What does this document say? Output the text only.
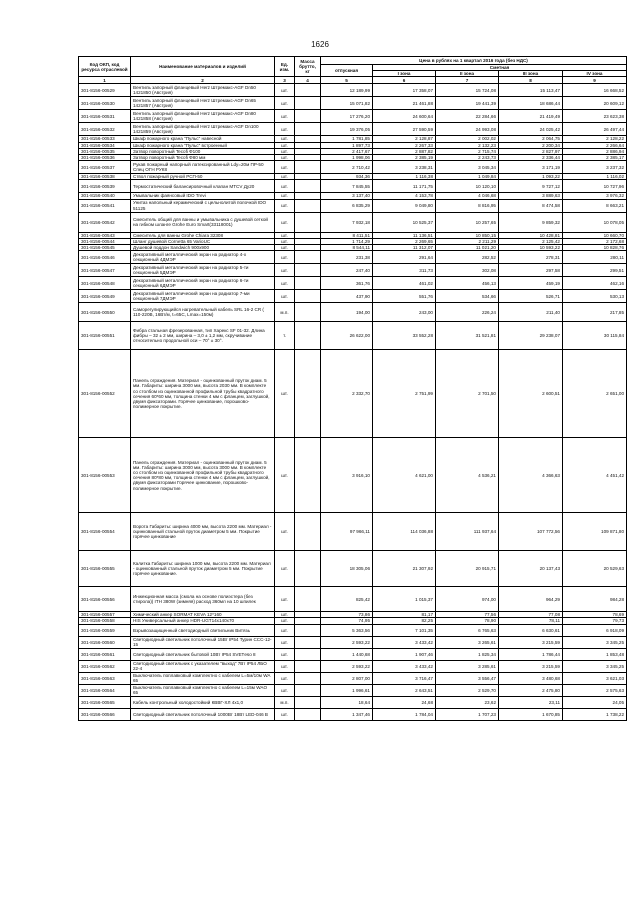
1626
Код ОКП, код ресурса отраслевой	Наименование материалов и изделий	Ед. изм.	Масса брутто, кг	Цена в рублях на 1 квартал 2016 года (без НДС)				
				отпускная	Сметная			
					I зона	II зона	III зона	IV зона
1	2	3	4	5	6	7	8	9
301-8156-00529	Вентиль запорный фланцевый Herz Штремакс-AGF Dn50 1421850 (Австрия)	шт.		12 189,99	17 358,07	15 724,08	15 113,47	16 668,52
301-8156-00530	Вентиль запорный фланцевый Herz Штремакс-AGF Dn65 1421857 (Австрия)	шт.		15 071,82	21 461,88	19 441,39	18 686,44	20 609,12
301-8156-00531	Вентиль запорный фланцевый Herz Штремакс-AGF Dn80 1421858 (Австрия)	шт.		17 276,20	24 600,64	22 284,66	21 419,49	23 623,38
301-8156-00532	Вентиль запорный фланцевый Herz Штремакс-AGF Dn100 1421859 (Австрия)	шт.		19 376,05	27 590,59	24 993,08	24 025,42	26 497,44
301-8156-00533	Шкаф пожарного крана "Пульс" навесной	шт.		1 781,85	2 128,87	2 002,02	2 064,75	2 128,22
301-8156-00534	Шкаф пожарного крана "Пульс" встроенный	шт.		1 897,73	2 267,33	2 132,23	2 200,34	2 266,64
301-8156-00535	Затвор поворотный Tecofi Ф100	шт.		2 417,67	2 887,82	2 715,74	2 827,97	2 886,94
301-8156-00536	Затвор поворотный Tecofi Ф80 мм	шт.		1 998,06	2 385,19	2 243,73	2 336,44	2 385,17
301-8156-00537	Рукав пожарный напорный латексированный Ldy=20м ПР-50 Спец ОГН РУК8	шт.		2 710,42	3 238,31	3 045,34	3 171,19	3 237,32
301-8156-00538	Ствол пожарный ручной РСП-50	шт.		934,36	1 116,38	1 049,84	1 093,22	1 116,02
301-8156-00539	Термостатический балансировочный клапан MTCV Ду20	шт.		7 845,55	11 171,75	10 120,10	9 727,12	10 727,96
301-8156-00540	Умывальник фаянсовый IDO Trevi	шт.		3 137,40	4 153,78	4 046,68	3 889,63	3 976,32
301-8156-00541	Унитаз напольный керамический с цельнолитой полочкой IDO 51125	шт.		6 835,29	9 049,80	8 816,95	8 474,58	8 663,21
301-8156-00542	Смеситель общий для ванны и умывальника с душевой сеткой на гибком шланге Grohe Euro Smart(33118001)	шт.		7 932,18	10 525,37	10 257,65	9 859,32	10 078,05
301-8156-00543	Смеситель для ванны Grohe Chiara 32308	шт.		8 411,51	11 136,51	10 850,15	10 428,81	10 660,70
301-8156-00544	Шланг душевой Cornetta 65 VarioUC	шт.		1 714,29	2 269,65	2 211,29	2 125,42	2 172,68
301-8156-00545	Душевой поддон Sandwich 900x900	шт.		8 544,11	11 312,07	11 021,20	10 593,22	10 828,76
301-8156-00546	Декоративный металлический экран на радиатор 4-х секционный 4ДМЭР	шт.		231,38	291,64	282,52	278,31	280,11
301-8156-00547	Декоративный металлический экран на радиатор 5-ти секционный 5ДМЭР	шт.		247,40	311,73	302,08	297,58	299,51
301-8156-00548	Декоративный металлический экран на радиатор 6-ти секционный 6ДМЭР	шт.		361,76	461,02	456,13	459,19	462,16
301-8156-00549	Декоративный металлический экран на радиатор 7-ми секционный 7ДМЭР	шт.		437,90	551,76	534,66	526,71	530,13
301-8156-00550	Саморегулирующийся нагревательный кабель SRL 16-2 CR ( 110-220В, 16Вт/м, t=65С, Lmax=150м)	м.п.		194,00	243,00	226,24	211,40	217,85
301-8156-00551	Фибра стальная фрезерованная, тип Харекс SF 01-32. Длина фибры – 32 ± 2 мм, ширина – 3,0 ± 1,2 мм, скручивание относительно продольной оси – 70° ± 30°.	т.		26 622,00	33 552,28	31 521,81	29 238,07	30 115,84
301-8156-00552	Панель ограждения. Материал - оцинкованный пруток диам. 5 мм. Габариты: ширина 3000 мм, высота 2030 мм. В комплекте со столбом из оцинкованной профильной трубы квадратного сечения 60*60 мм, толщина стенки 4 мм с фланцем, заглушкой, двумя фиксаторами. Горячее цинкование, порошково-полимерное покрытие.	шт.		2 332,70	2 751,99	2 701,50	2 600,51	2 651,00
301-8156-00553	Панель ограждения. Материал - оцинкованный пруток диам. 5 мм. Габариты: ширина 3000 мм, высота 3000 мм. В комплекте со столбом из оцинкованной профильной трубы квадратного сечения 80*80 мм, толщина стенки 4 мм с фланцем, заглушкой, двумя фиксаторами Горячее цинкование, порошково-полимерное покрытие.	шт.		3 916,10	4 621,00	4 536,21	4 366,63	4 451,42
301-8156-00554	Ворота Габариты: ширина 4000 мм, высота 2200 мм. Материал - оцинкованный стальной пруток диаметром 5 мм. Покрытие горячее цинкование	шт.		97 966,11	114 036,88	111 937,64	107 772,56	109 871,80
301-8156-00555	Калитка Габариты: ширина 1000 мм, высота 2200 мм. Материал - оцинкованный стальной пруток диаметром 5 мм. Покрытие горячее цинкование.	шт.		18 305,06	21 307,92	20 915,71	20 137,43	20 529,63
301-8156-00556	Инжекционная масса (смола на основе полиэстера (без стирола)) ITH 380W (зимняя) расход 360мл на 10 шпилек	шт.		825,42	1 015,37	974,00	964,29	984,28
301-8156-00557	Химический анкер SORMAT KEVA 12*160	шт.		73,86	81,17	77,56	77,08	78,69
301-8156-00558	HIS Универсальный анкер HDR-UGT14х140х70	шт.		74,95	82,25	78,90	78,11	79,73
301-8156-00559	Взрывозащищенный светодиодный светильник Витязь	шт.		5 363,56	7 101,35	6 765,63	6 630,61	6 918,09
301-8156-00560	Светодиодный светильник потолочный 15Вт IP54 Турин ССС-12-15	шт.		2 593,22	3 433,42	3 265,61	3 215,59	3 345,25
301-8156-00561	Светодиодный светильник бытовой 10Вт IP54 SVETеsо 8	шт.		1 440,68	1 907,46	1 825,34	1 786,44	1 853,48
301-8156-00562	Светодиодный светильник с указателем "выход" 7Вт IP54 ЛБО 22-4	шт.		2 593,22	3 433,42	3 285,61	3 215,59	3 345,25
301-8156-00563	Выключатель поплавковый комплектно с кабелем L=5м/10м WA 65	шт.		2 807,00	3 716,47	3 556,47	3 480,68	3 621,03
301-8156-00564	Выключатель поплавковый комплектно с кабелем L=15м WAO 65	шт.		1 996,61	2 643,51	2 529,70	2 475,80	2 575,63
301-8156-00565	Кабель контрольный холодостойкий КВВГ-ХЛ 4x1,0	м.п.		18,64	24,68	23,62	23,11	24,05
301-8156-00566	Светодиодный светильник потолочный 1000Вт 18Вт LED-046 В	шт.		1 347,46	1 784,04	1 707,23	1 670,85	1 738,22
